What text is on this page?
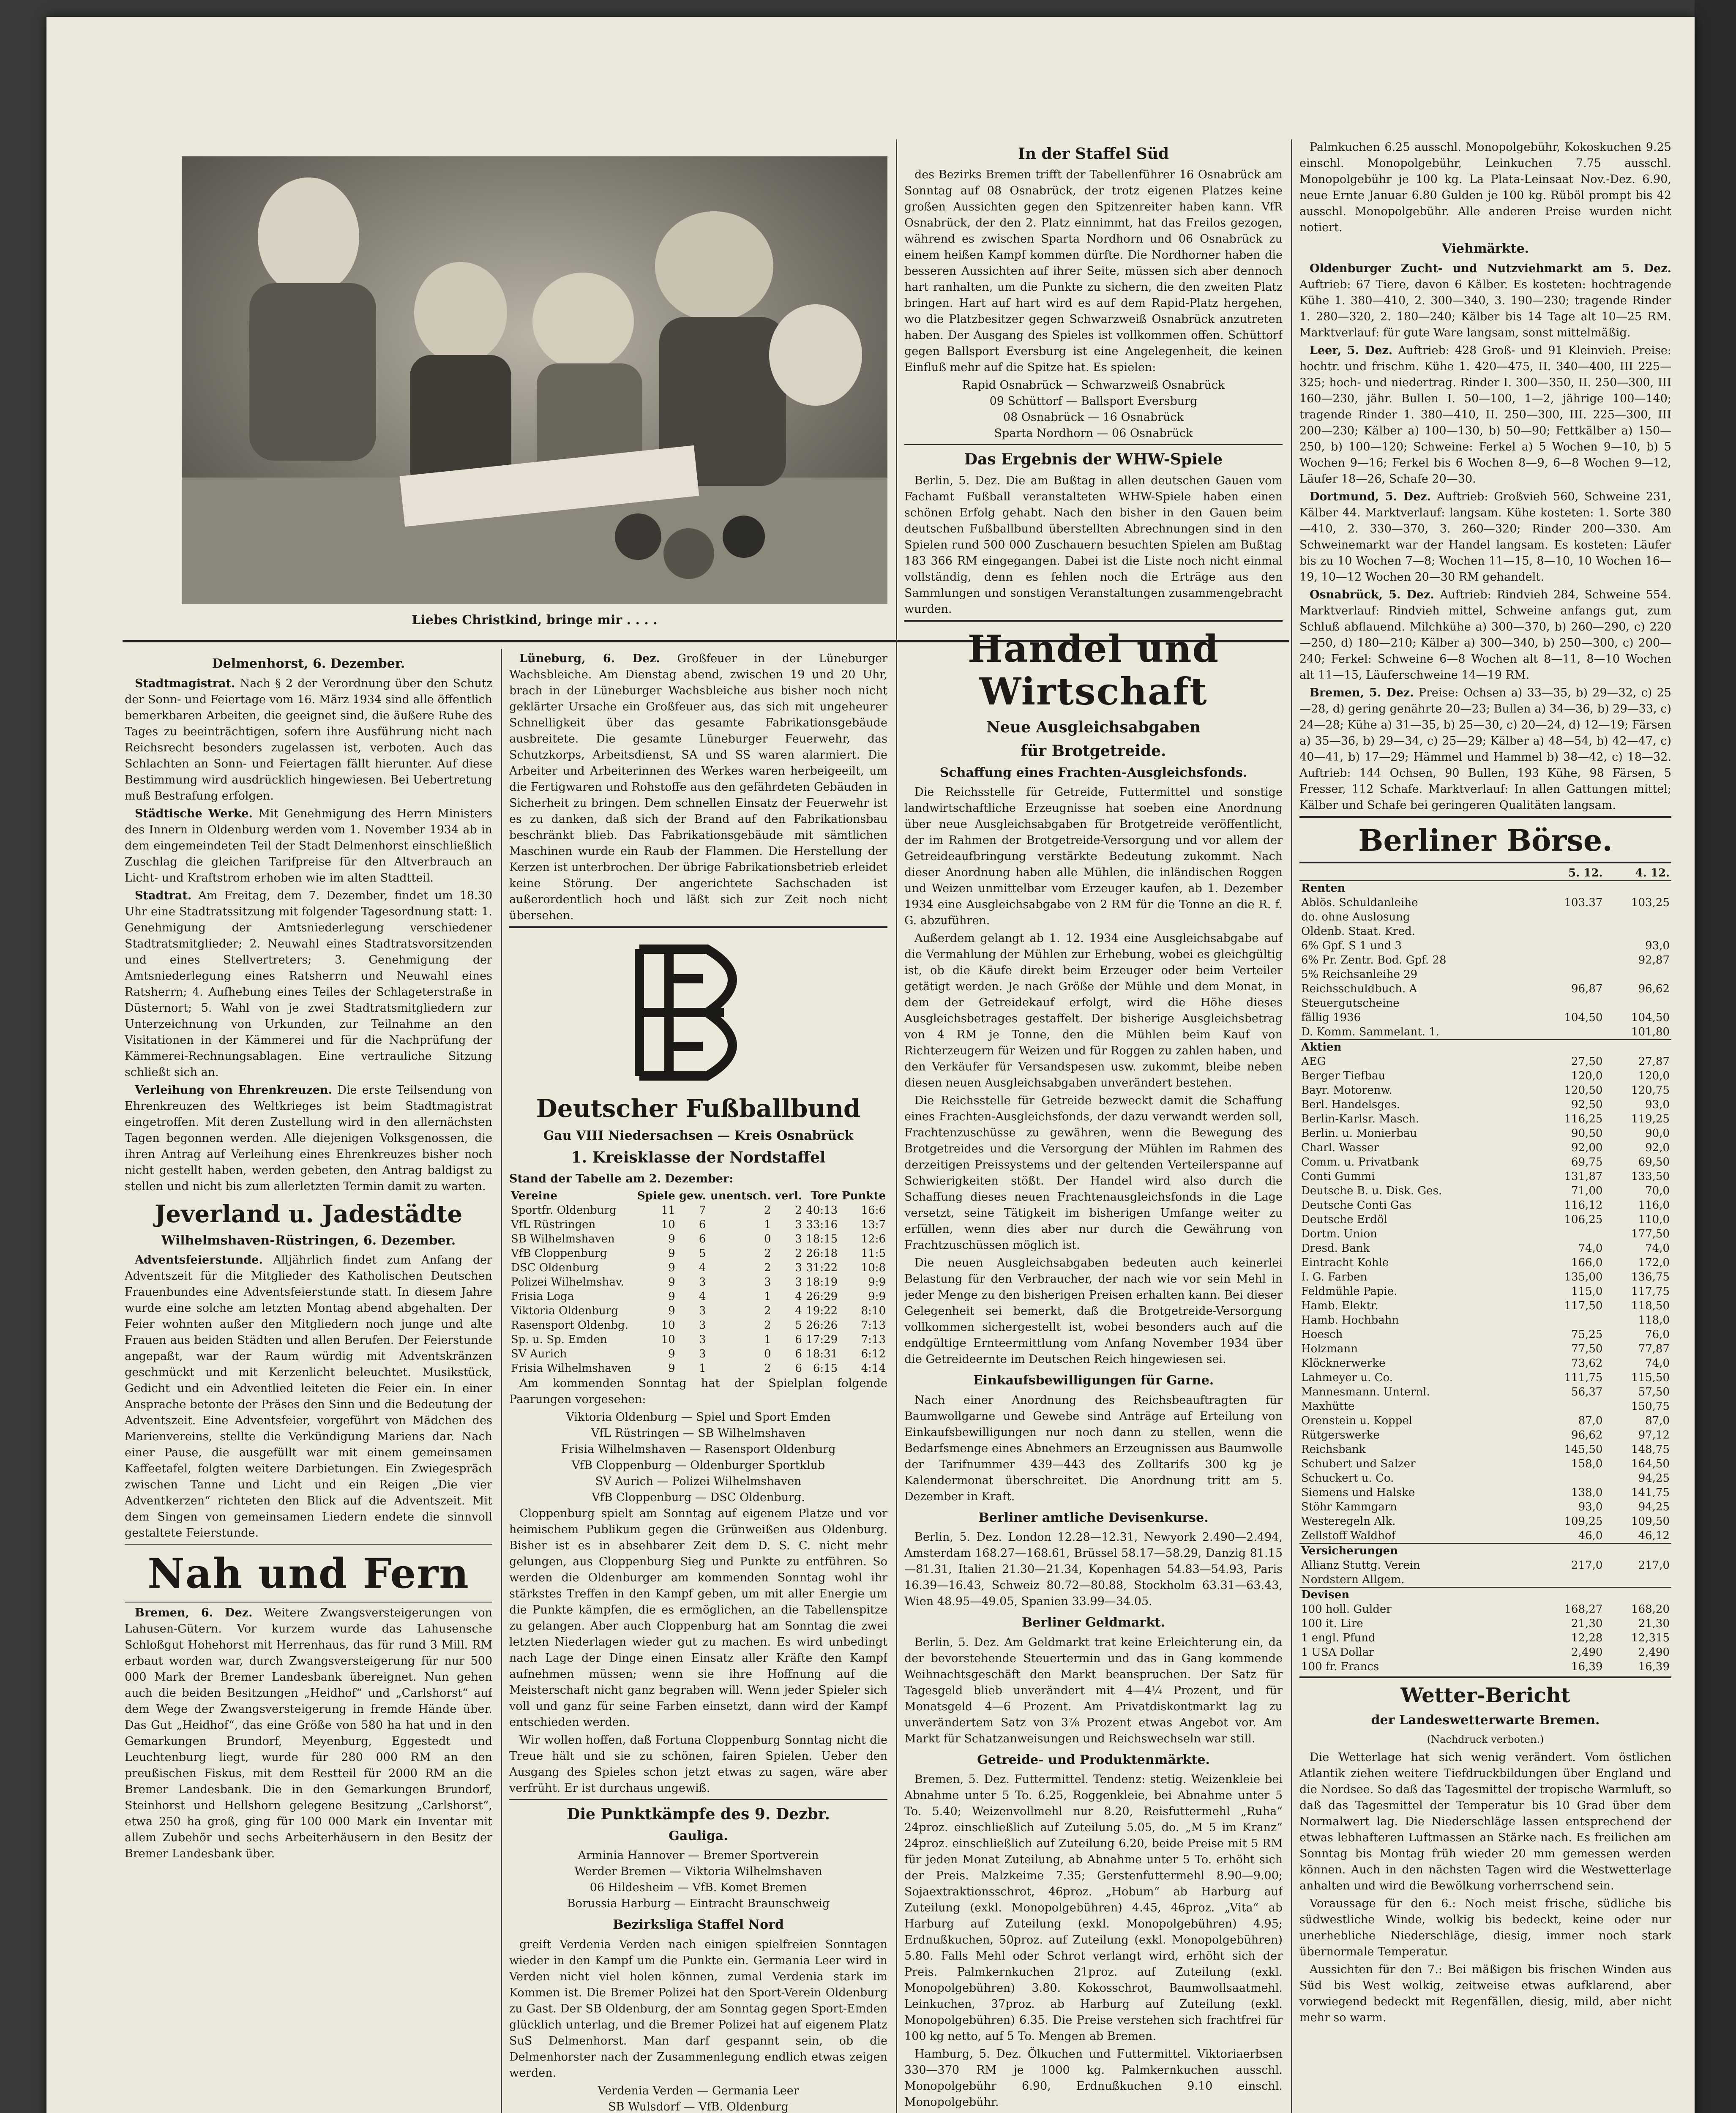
Liebes Christkind, bringe mir . . . .
Delmenhorst, 6. Dezember.

Stadtmagistrat. Nach § 2 der Verordnung über den Schutz der Sonn- und Feiertage vom 16. März 1934 sind alle öffentlich bemerkbaren Arbeiten, die geeignet sind, die äußere Ruhe des Tages zu beeinträchtigen, sofern ihre Ausführung nicht nach Reichsrecht besonders zugelassen ist, verboten. Auch das Schlachten an Sonn- und Feiertagen fällt hierunter. Auf diese Bestimmung wird ausdrücklich hingewiesen. Bei Uebertretung muß Bestrafung erfolgen.

Städtische Werke. Mit Genehmigung des Herrn Ministers des Innern in Oldenburg werden vom 1. November 1934 ab in dem eingemeindeten Teil der Stadt Delmenhorst einschließlich Zuschlag die gleichen Tarifpreise für den Altverbrauch an Licht- und Kraftstrom erhoben wie im alten Stadtteil.

Stadtrat. Am Freitag, dem 7. Dezember, findet um 18.30 Uhr eine Stadtratssitzung mit folgender Tagesordnung statt: 1. Genehmigung der Amtsniederlegung verschiedener Stadtratsmitglieder; 2. Neuwahl eines Stadtratsvorsitzenden und eines Stellvertreters; 3. Genehmigung der Amtsniederlegung eines Ratsherrn und Neuwahl eines Ratsherrn; 4. Aufhebung eines Teiles der Schlageterstraße in Düsternort; 5. Wahl von je zwei Stadtratsmitgliedern zur Unterzeichnung von Urkunden, zur Teilnahme an den Visitationen in der Kämmerei und für die Nachprüfung der Kämmerei-Rechnungsablagen. Eine vertrauliche Sitzung schließt sich an.

Verleihung von Ehrenkreuzen. Die erste Teilsendung von Ehrenkreuzen des Weltkrieges ist beim Stadtmagistrat eingetroffen. Mit deren Zustellung wird in den allernächsten Tagen begonnen werden. Alle diejenigen Volksgenossen, die ihren Antrag auf Verleihung eines Ehrenkreuzes bisher noch nicht gestellt haben, werden gebeten, den Antrag baldigst zu stellen und nicht bis zum allerletzten Termin damit zu warten.

Jeverland u. Jadestädte
Wilhelmshaven-Rüstringen, 6. Dezember.

Adventsfeierstunde. Alljährlich findet zum Anfang der Adventszeit für die Mitglieder des Katholischen Deutschen Frauenbundes eine Adventsfeierstunde statt. In diesem Jahre wurde eine solche am letzten Montag abend abgehalten. Der Feier wohnten außer den Mitgliedern noch junge und alte Frauen aus beiden Städten und allen Berufen. Der Feierstunde angepaßt, war der Raum würdig mit Adventskränzen geschmückt und mit Kerzenlicht beleuchtet. Musikstück, Gedicht und ein Adventlied leiteten die Feier ein. In einer Ansprache betonte der Präses den Sinn und die Bedeutung der Adventszeit. Eine Adventsfeier, vorgeführt von Mädchen des Marienvereins, stellte die Verkündigung Mariens dar. Nach einer Pause, die ausgefüllt war mit einem gemeinsamen Kaffeetafel, folgten weitere Darbietungen. Ein Zwiegespräch zwischen Tanne und Licht und ein Reigen „Die vier Adventkerzen“ richteten den Blick auf die Adventszeit. Mit dem Singen von gemeinsamen Liedern endete die sinnvoll gestaltete Feierstunde.

Nah und Fern

Bremen, 6. Dez. Weitere Zwangsversteigerungen von Lahusen-Gütern. Vor kurzem wurde das Lahusensche Schloßgut Hohehorst mit Herrenhaus, das für rund 3 Mill. RM erbaut worden war, durch Zwangsversteigerung für nur 500 000 Mark der Bremer Landesbank übereignet. Nun gehen auch die beiden Besitzungen „Heidhof“ und „Carlshorst“ auf dem Wege der Zwangsversteigerung in fremde Hände über. Das Gut „Heidhof“, das eine Größe von 580 ha hat und in den Gemarkungen Brundorf, Meyenburg, Eggestedt und Leuchtenburg liegt, wurde für 280 000 RM an den preußischen Fiskus, mit dem Restteil für 2000 RM an die Bremer Landesbank. Die in den Gemarkungen Brundorf, Steinhorst und Hellshorn gelegene Besitzung „Carlshorst“, etwa 250 ha groß, ging für 100 000 Mark ein Inventar mit allem Zubehör und sechs Arbeiterhäusern in den Besitz der Bremer Landesbank über.

Lüneburg, 6. Dez. Großfeuer in der Lüneburger Wachsbleiche. Am Dienstag abend, zwischen 19 und 20 Uhr, brach in der Lüneburger Wachsbleiche aus bisher noch nicht geklärter Ursache ein Großfeuer aus, das sich mit ungeheurer Schnelligkeit über das gesamte Fabrikationsgebäude ausbreitete. Die gesamte Lüneburger Feuerwehr, das Schutzkorps, Arbeitsdienst, SA und SS waren alarmiert. Die Arbeiter und Arbeiterinnen des Werkes waren herbeigeeilt, um die Fertigwaren und Rohstoffe aus den gefährdeten Gebäuden in Sicherheit zu bringen. Dem schnellen Einsatz der Feuerwehr ist es zu danken, daß sich der Brand auf den Fabrikationsbau beschränkt blieb. Das Fabrikationsgebäude mit sämtlichen Maschinen wurde ein Raub der Flammen. Die Herstellung der Kerzen ist unterbrochen. Der übrige Fabrikationsbetrieb erleidet keine Störung. Der angerichtete Sachschaden ist außerordentlich hoch und läßt sich zur Zeit noch nicht übersehen.

Deutscher Fußballbund
Gau VIII Niedersachsen — Kreis Osnabrück
1. Kreisklasse der Nordstaffel
Stand der Tabelle am 2. Dezember:
Vereine	Spiele	gew.	unentsch.	verl.	Tore	Punkte
Sportfr. Oldenburg	11	7	2	2	40:13	16:6
VfL Rüstringen	10	6	1	3	33:16	13:7
SB Wilhelmshaven	9	6	0	3	18:15	12:6
VfB Cloppenburg	9	5	2	2	26:18	11:5
DSC Oldenburg	9	4	2	3	31:22	10:8
Polizei Wilhelmshav.	9	3	3	3	18:19	9:9
Frisia Loga	9	4	1	4	26:29	9:9
Viktoria Oldenburg	9	3	2	4	19:22	8:10
Rasensport Oldenbg.	10	3	2	5	26:26	7:13
Sp. u. Sp. Emden	10	3	1	6	17:29	7:13
SV Aurich	9	3	0	6	18:31	6:12
Frisia Wilhelmshaven	9	1	2	6	6:15	4:14

Am kommenden Sonntag hat der Spielplan folgende Paarungen vorgesehen:

Viktoria Oldenburg — Spiel und Sport Emden
VfL Rüstringen — SB Wilhelmshaven
Frisia Wilhelmshaven — Rasensport Oldenburg
VfB Cloppenburg — Oldenburger Sportklub
SV Aurich — Polizei Wilhelmshaven
VfB Cloppenburg — DSC Oldenburg.

Cloppenburg spielt am Sonntag auf eigenem Platze und vor heimischem Publikum gegen die Grünweißen aus Oldenburg. Bisher ist es in absehbarer Zeit dem D. S. C. nicht mehr gelungen, aus Cloppenburg Sieg und Punkte zu entführen. So werden die Oldenburger am kommenden Sonntag wohl ihr stärkstes Treffen in den Kampf geben, um mit aller Energie um die Punkte kämpfen, die es ermöglichen, an die Tabellenspitze zu gelangen. Aber auch Cloppenburg hat am Sonntag die zwei letzten Niederlagen wieder gut zu machen. Es wird unbedingt nach Lage der Dinge einen Einsatz aller Kräfte den Kampf aufnehmen müssen; wenn sie ihre Hoffnung auf die Meisterschaft nicht ganz begraben will. Wenn jeder Spieler sich voll und ganz für seine Farben einsetzt, dann wird der Kampf entschieden werden.

Wir wollen hoffen, daß Fortuna Cloppenburg Sonntag nicht die Treue hält und sie zu schönen, fairen Spielen. Ueber den Ausgang des Spieles schon jetzt etwas zu sagen, wäre aber verfrüht. Er ist durchaus ungewiß.

Die Punktkämpfe des 9. Dezbr.
Gauliga.
Arminia Hannover — Bremer Sportverein
Werder Bremen — Viktoria Wilhelmshaven
06 Hildesheim — VfB. Komet Bremen
Borussia Harburg — Eintracht Braunschweig
Bezirksliga Staffel Nord

greift Verdenia Verden nach einigen spielfreien Sonntagen wieder in den Kampf um die Punkte ein. Germania Leer wird in Verden nicht viel holen können, zumal Verdenia stark im Kommen ist. Die Bremer Polizei hat den Sport-Verein Oldenburg zu Gast. Der SB Oldenburg, der am Sonntag gegen Sport-Emden glücklich unterlag, und die Bremer Polizei hat auf eigenem Platz SuS Delmenhorst. Man darf gespannt sein, ob die Delmenhorster nach der Zusammenlegung endlich etwas zeigen werden.

Verdenia Verden — Germania Leer
SB Wulsdorf — VfB. Oldenburg
In der Staffel Süd

des Bezirks Bremen trifft der Tabellenführer 16 Osnabrück am Sonntag auf 08 Osnabrück, der trotz eigenen Platzes keine großen Aussichten gegen den Spitzenreiter haben kann. VfR Osnabrück, der den 2. Platz einnimmt, hat das Freilos gezogen, während es zwischen Sparta Nordhorn und 06 Osnabrück zu einem heißen Kampf kommen dürfte. Die Nordhorner haben die besseren Aussichten auf ihrer Seite, müssen sich aber dennoch hart ranhalten, um die Punkte zu sichern, die den zweiten Platz bringen. Hart auf hart wird es auf dem Rapid-Platz hergehen, wo die Platzbesitzer gegen Schwarzweiß Osnabrück anzutreten haben. Der Ausgang des Spieles ist vollkommen offen. Schüttorf gegen Ballsport Eversburg ist eine Angelegenheit, die keinen Einfluß mehr auf die Spitze hat. Es spielen:

Rapid Osnabrück — Schwarzweiß Osnabrück
09 Schüttorf — Ballsport Eversburg
08 Osnabrück — 16 Osnabrück
Sparta Nordhorn — 06 Osnabrück
Das Ergebnis der WHW-Spiele

Berlin, 5. Dez. Die am Bußtag in allen deutschen Gauen vom Fachamt Fußball veranstalteten WHW-Spiele haben einen schönen Erfolg gehabt. Nach den bisher in den Gauen beim deutschen Fußballbund überstellten Abrechnungen sind in den Spielen rund 500 000 Zuschauern besuchten Spielen am Bußtag 183 366 RM eingegangen. Dabei ist die Liste noch nicht einmal vollständig, denn es fehlen noch die Erträge aus den Sammlungen und sonstigen Veranstaltungen zusammengebracht wurden.

Handel und Wirtschaft
Neue Ausgleichsabgaben
für Brotgetreide.
Schaffung eines Frachten-Ausgleichsfonds.

Die Reichsstelle für Getreide, Futtermittel und sonstige landwirtschaftliche Erzeugnisse hat soeben eine Anordnung über neue Ausgleichsabgaben für Brotgetreide veröffentlicht, der im Rahmen der Brotgetreide-Versorgung und vor allem der Getreideaufbringung verstärkte Bedeutung zukommt. Nach dieser Anordnung haben alle Mühlen, die inländischen Roggen und Weizen unmittelbar vom Erzeuger kaufen, ab 1. Dezember 1934 eine Ausgleichsabgabe von 2 RM für die Tonne an die R. f. G. abzuführen.

Außerdem gelangt ab 1. 12. 1934 eine Ausgleichsabgabe auf die Vermahlung der Mühlen zur Erhebung, wobei es gleichgültig ist, ob die Käufe direkt beim Erzeuger oder beim Verteiler getätigt werden. Je nach Größe der Mühle und dem Monat, in dem der Getreidekauf erfolgt, wird die Höhe dieses Ausgleichsbetrages gestaffelt. Der bisherige Ausgleichsbetrag von 4 RM je Tonne, den die Mühlen beim Kauf von Richterzeugern für Weizen und für Roggen zu zahlen haben, und den Verkäufer für Versandspesen usw. zukommt, bleibe neben diesen neuen Ausgleichsabgaben unverändert bestehen.

Die Reichsstelle für Getreide bezweckt damit die Schaffung eines Frachten-Ausgleichsfonds, der dazu verwandt werden soll, Frachtenzuschüsse zu gewähren, wenn die Bewegung des Brotgetreides und die Versorgung der Mühlen im Rahmen des derzeitigen Preissystems und der geltenden Verteilerspanne auf Schwierigkeiten stößt. Der Handel wird also durch die Schaffung dieses neuen Frachtenausgleichsfonds in die Lage versetzt, seine Tätigkeit im bisherigen Umfange weiter zu erfüllen, wenn dies aber nur durch die Gewährung von Frachtzuschüssen möglich ist.

Die neuen Ausgleichsabgaben bedeuten auch keinerlei Belastung für den Verbraucher, der nach wie vor sein Mehl in jeder Menge zu den bisherigen Preisen erhalten kann. Bei dieser Gelegenheit sei bemerkt, daß die Brotgetreide-Versorgung vollkommen sichergestellt ist, wobei besonders auch auf die endgültige Ernteermittlung vom Anfang November 1934 über die Getreideernte im Deutschen Reich hingewiesen sei.

Einkaufsbewilligungen für Garne.

Nach einer Anordnung des Reichsbeauftragten für Baumwollgarne und Gewebe sind Anträge auf Erteilung von Einkaufsbewilligungen nur noch dann zu stellen, wenn die Bedarfsmenge eines Abnehmers an Erzeugnissen aus Baumwolle der Tarifnummer 439—443 des Zolltarifs 300 kg je Kalendermonat überschreitet. Die Anordnung tritt am 5. Dezember in Kraft.

Berliner amtliche Devisenkurse.

Berlin, 5. Dez. London 12.28—12.31, Newyork 2.490—2.494, Amsterdam 168.27—168.61, Brüssel 58.17—58.29, Danzig 81.15—81.31, Italien 21.30—21.34, Kopenhagen 54.83—54.93, Paris 16.39—16.43, Schweiz 80.72—80.88, Stockholm 63.31—63.43, Wien 48.95—49.05, Spanien 33.99—34.05.

Berliner Geldmarkt.

Berlin, 5. Dez. Am Geldmarkt trat keine Erleichterung ein, da der bevorstehende Steuertermin und das in Gang kommende Weihnachtsgeschäft den Markt beanspruchen. Der Satz für Tagesgeld blieb unverändert mit 4—4¼ Prozent, und für Monatsgeld 4—6 Prozent. Am Privatdiskontmarkt lag zu unverändertem Satz von 3⅞ Prozent etwas Angebot vor. Am Markt für Schatzanweisungen und Reichswechseln war still.

Getreide- und Produktenmärkte.

Bremen, 5. Dez. Futtermittel. Tendenz: stetig. Weizenkleie bei Abnahme unter 5 To. 6.25, Roggenkleie, bei Abnahme unter 5 To. 5.40; Weizenvollmehl nur 8.20, Reisfuttermehl „Ruha“ 24proz. einschließlich auf Zuteilung 5.05, do. „M 5 im Kranz“ 24proz. einschließlich auf Zuteilung 6.20, beide Preise mit 5 RM für jeden Monat Zuteilung, ab Abnahme unter 5 To. erhöht sich der Preis. Malzkeime 7.35; Gerstenfuttermehl 8.90—9.00; Sojaextraktionsschrot, 46proz. „Hobum“ ab Harburg auf Zuteilung (exkl. Monopolgebühren) 4.45, 46proz. „Vita“ ab Harburg auf Zuteilung (exkl. Monopolgebühren) 4.95; Erdnußkuchen, 50proz. auf Zuteilung (exkl. Monopolgebühren) 5.80. Falls Mehl oder Schrot verlangt wird, erhöht sich der Preis. Palmkernkuchen 21proz. auf Zuteilung (exkl. Monopolgebühren) 3.80. Kokosschrot, Baumwollsaatmehl. Leinkuchen, 37proz. ab Harburg auf Zuteilung (exkl. Monopolgebühren) 6.35. Die Preise verstehen sich frachtfrei für 100 kg netto, auf 5 To. Mengen ab Bremen.

Hamburg, 5. Dez. Ölkuchen und Futtermittel. Viktoriaerbsen 330—370 RM je 1000 kg. Palmkernkuchen ausschl. Monopolgebühr 6.90, Erdnußkuchen 9.10 einschl. Monopolgebühr.

Palmkuchen 6.25 ausschl. Monopolgebühr, Kokoskuchen 9.25 einschl. Monopolgebühr, Leinkuchen 7.75 ausschl. Monopolgebühr je 100 kg. La Plata-Leinsaat Nov.-Dez. 6.90, neue Ernte Januar 6.80 Gulden je 100 kg. Rüböl prompt bis 42 ausschl. Monopolgebühr. Alle anderen Preise wurden nicht notiert.

Viehmärkte.

Oldenburger Zucht- und Nutzviehmarkt am 5. Dez. Auftrieb: 67 Tiere, davon 6 Kälber. Es kosteten: hochtragende Kühe 1. 380—410, 2. 300—340, 3. 190—230; tragende Rinder 1. 280—320, 2. 180—240; Kälber bis 14 Tage alt 10—25 RM. Marktverlauf: für gute Ware langsam, sonst mittelmäßig.

Leer, 5. Dez. Auftrieb: 428 Groß- und 91 Kleinvieh. Preise: hochtr. und frischm. Kühe 1. 420—475, II. 340—400, III 225—325; hoch- und niedertrag. Rinder I. 300—350, II. 250—300, III 160—230, jähr. Bullen I. 50—100, 1—2, jährige 100—140; tragende Rinder 1. 380—410, II. 250—300, III. 225—300, III 200—230; Kälber a) 100—130, b) 50—90; Fettkälber a) 150—250, b) 100—120; Schweine: Ferkel a) 5 Wochen 9—10, b) 5 Wochen 9—16; Ferkel bis 6 Wochen 8—9, 6—8 Wochen 9—12, Läufer 18—26, Schafe 20—30.

Dortmund, 5. Dez. Auftrieb: Großvieh 560, Schweine 231, Kälber 44. Marktverlauf: langsam. Kühe kosteten: 1. Sorte 380—410, 2. 330—370, 3. 260—320; Rinder 200—330. Am Schweinemarkt war der Handel langsam. Es kosteten: Läufer bis zu 10 Wochen 7—8; Wochen 11—15, 8—10, 10 Wochen 16—19, 10—12 Wochen 20—30 RM gehandelt.

Osnabrück, 5. Dez. Auftrieb: Rindvieh 284, Schweine 554. Marktverlauf: Rindvieh mittel, Schweine anfangs gut, zum Schluß abflauend. Milchkühe a) 300—370, b) 260—290, c) 220—250, d) 180—210; Kälber a) 300—340, b) 250—300, c) 200—240; Ferkel: Schweine 6—8 Wochen alt 8—11, 8—10 Wochen alt 11—15, Läuferschweine 14—19 RM.

Bremen, 5. Dez. Preise: Ochsen a) 33—35, b) 29—32, c) 25—28, d) gering genährte 20—23; Bullen a) 34—36, b) 29—33, c) 24—28; Kühe a) 31—35, b) 25—30, c) 20—24, d) 12—19; Färsen a) 35—36, b) 29—34, c) 25—29; Kälber a) 48—54, b) 42—47, c) 40—41, b) 17—29; Hämmel und Hammel b) 38—42, c) 18—32. Auftrieb: 144 Ochsen, 90 Bullen, 193 Kühe, 98 Färsen, 5 Fresser, 112 Schafe. Marktverlauf: In allen Gattungen mittel; Kälber und Schafe bei geringeren Qualitäten langsam.

Berliner Börse.
	5. 12.	4. 12.
Renten		
Ablös. Schuldanleihe	103.37	103,25
do. ohne Auslosung		
Oldenb. Staat. Kred.		
6% Gpf. S 1 und 3		93,0
6% Pr. Zentr. Bod. Gpf. 28		92,87
5% Reichsanleihe 29		
Reichsschuldbuch. A	96,87	96,62
Steuergutscheine		
fällig 1936	104,50	104,50
D. Komm. Sammelant. 1.		101,80
Aktien		
AEG	27,50	27,87
Berger Tiefbau	120,0	120,0
Bayr. Motorenw.	120,50	120,75
Berl. Handelsges.	92,50	93,0
Berlin-Karlsr. Masch.	116,25	119,25
Berlin. u. Monierbau	90,50	90,0
Charl. Wasser	92,00	92,0
Comm. u. Privatbank	69,75	69,50
Conti Gummi	131,87	133,50
Deutsche B. u. Disk. Ges.	71,00	70,0
Deutsche Conti Gas	116,12	116,0
Deutsche Erdöl	106,25	110,0
Dortm. Union		177,50
Dresd. Bank	74,0	74,0
Eintracht Kohle	166,0	172,0
I. G. Farben	135,00	136,75
Feldmühle Papie.	115,0	117,75
Hamb. Elektr.	117,50	118,50
Hamb. Hochbahn		118,0
Hoesch	75,25	76,0
Holzmann	77,50	77,87
Klöcknerwerke	73,62	74,0
Lahmeyer u. Co.	111,75	115,50
Mannesmann. Unternl.	56,37	57,50
Maxhütte		150,75
Orenstein u. Koppel	87,0	87,0
Rütgerswerke	96,62	97,12
Reichsbank	145,50	148,75
Schubert und Salzer	158,0	164,50
Schuckert u. Co.		94,25
Siemens und Halske	138,0	141,75
Stöhr Kammgarn	93,0	94,25
Westeregeln Alk.	109,25	109,50
Zellstoff Waldhof	46,0	46,12
Versicherungen		
Allianz Stuttg. Verein	217,0	217,0
Nordstern Allgem.		
Devisen		
100 holl. Gulder	168,27	168,20
100 it. Lire	21,30	21,30
1 engl. Pfund	12,28	12,315
1 USA Dollar	2,490	2,490
100 fr. Francs	16,39	16,39
Wetter-Bericht
der Landeswetterwarte Bremen.
(Nachdruck verboten.)

Die Wetterlage hat sich wenig verändert. Vom östlichen Atlantik ziehen weitere Tiefdruckbildungen über England und die Nordsee. So daß das Tagesmittel der tropische Warmluft, so daß das Tagesmittel der Temperatur bis 10 Grad über dem Normalwert lag. Die Niederschläge lassen entsprechend der etwas lebhafteren Luftmassen an Stärke nach. Es freilichen am Sonntag bis Montag früh wieder 20 mm gemessen werden können. Auch in den nächsten Tagen wird die Westwetterlage anhalten und wird die Bewölkung vorherrschend sein.

Voraussage für den 6.: Noch meist frische, südliche bis südwestliche Winde, wolkig bis bedeckt, keine oder nur unerhebliche Niederschläge, diesig, immer noch stark übernormale Temperatur.

Aussichten für den 7.: Bei mäßigen bis frischen Winden aus Süd bis West wolkig, zeitweise etwas aufklarend, aber vorwiegend bedeckt mit Regenfällen, diesig, mild, aber nicht mehr so warm.
